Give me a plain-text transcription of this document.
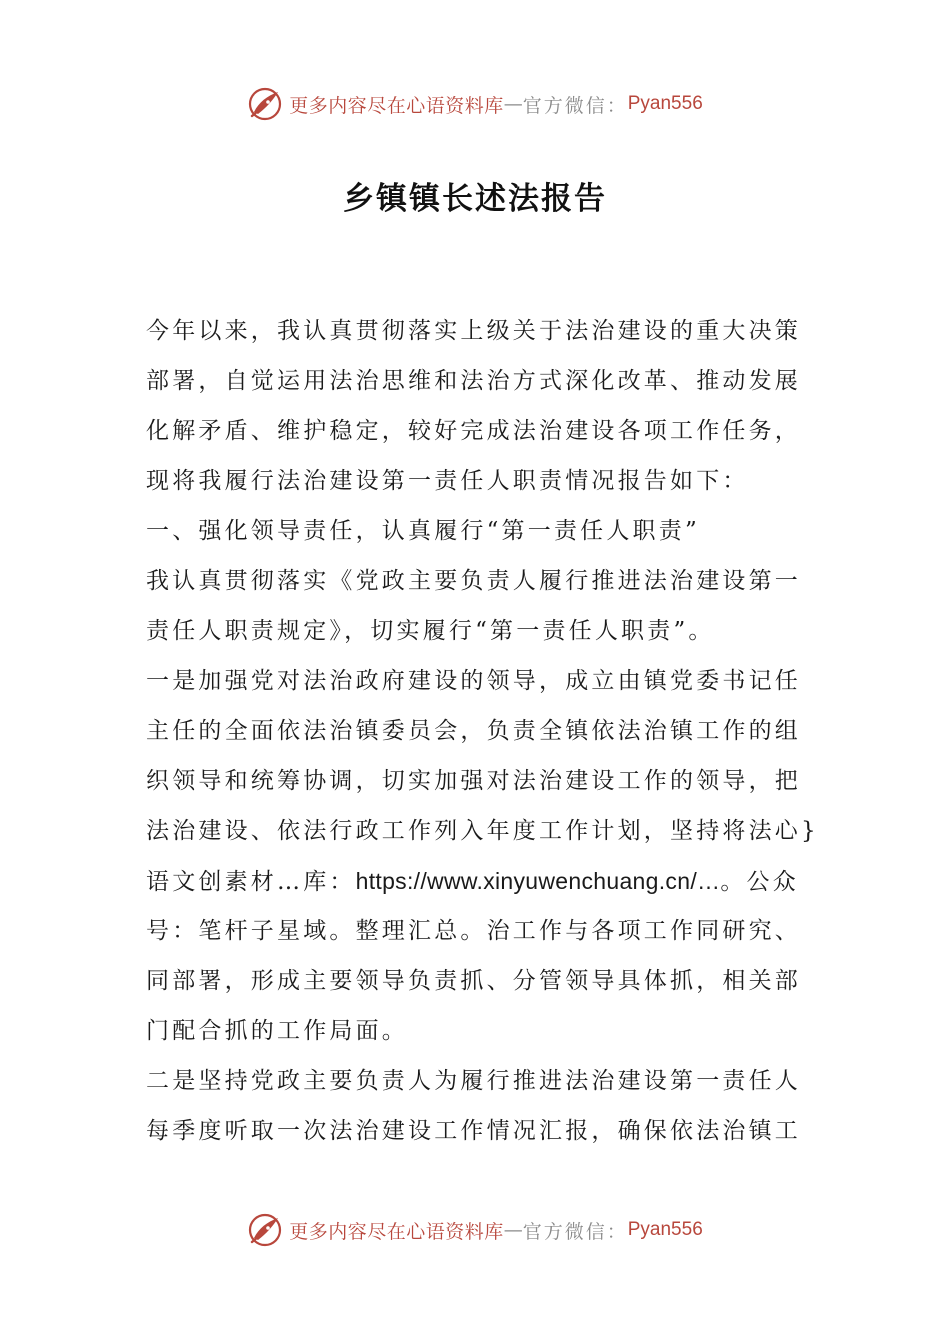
更多内容尽在心语资料库 — 官方微信： Pyan556
乡镇镇长述法报告
今年以来，我认真贯彻落实上级关于法治建设的重大决策
部署，自觉运用法治思维和法治方式深化改革、推动发展
化解矛盾、维护稳定，较好完成法治建设各项工作任务，
现将我履行法治建设第一责任人职责情况报告如下：
一、强化领导责任，认真履行“第一责任人职责”
我认真贯彻落实《党政主要负责人履行推进法治建设第一
责任人职责规定》，切实履行“第一责任人职责”。
一是加强党对法治政府建设的领导，成立由镇党委书记任
主任的全面依法治镇委员会，负责全镇依法治镇工作的组
织领导和统筹协调，切实加强对法治建设工作的领导，把
法治建设、依法行政工作列入年度工作计划，坚持将法心}
语文创素材…库：https://www.xinyuwenchuang.cn/…。公众
号：笔杆子星域。整理汇总。治工作与各项工作同研究、
同部署，形成主要领导负责抓、分管领导具体抓，相关部
门配合抓的工作局面。
二是坚持党政主要负责人为履行推进法治建设第一责任人
每季度听取一次法治建设工作情况汇报，确保依法治镇工
更多内容尽在心语资料库 — 官方微信： Pyan556
